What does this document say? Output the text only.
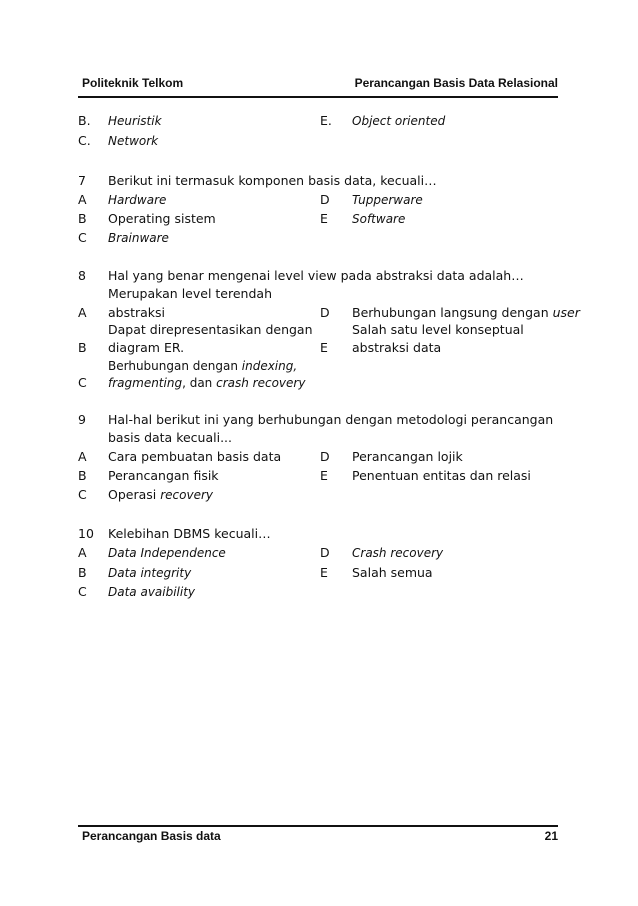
Politeknik Telkom	Perancangan Basis Data Relasional
B. Heuristik	E. Object oriented
C. Network
7 Berikut ini termasuk komponen basis data, kecuali…
A Hardware	D Tupperware
B Operating sistem	E Software
C Brainware
8 Hal yang benar mengenai level view pada abstraksi data adalah…
Merupakan level terendah
A abstraksi	D Berhubungan langsung dengan user
Dapat direpresentasikan dengan	Salah satu level konseptual
B diagram ER.	E abstraksi data
Berhubungan dengan indexing,
C fragmenting, dan crash recovery
9 Hal-hal berikut ini yang berhubungan dengan metodologi perancangan
basis data kecuali...
A Cara pembuatan basis data	D Perancangan lojik
B Perancangan fisik	E Penentuan entitas dan relasi
C Operasi recovery
10 Kelebihan DBMS kecuali…
A Data Independence	D Crash recovery
B Data integrity	E Salah semua
C Data avaibility
Perancangan Basis data	21
